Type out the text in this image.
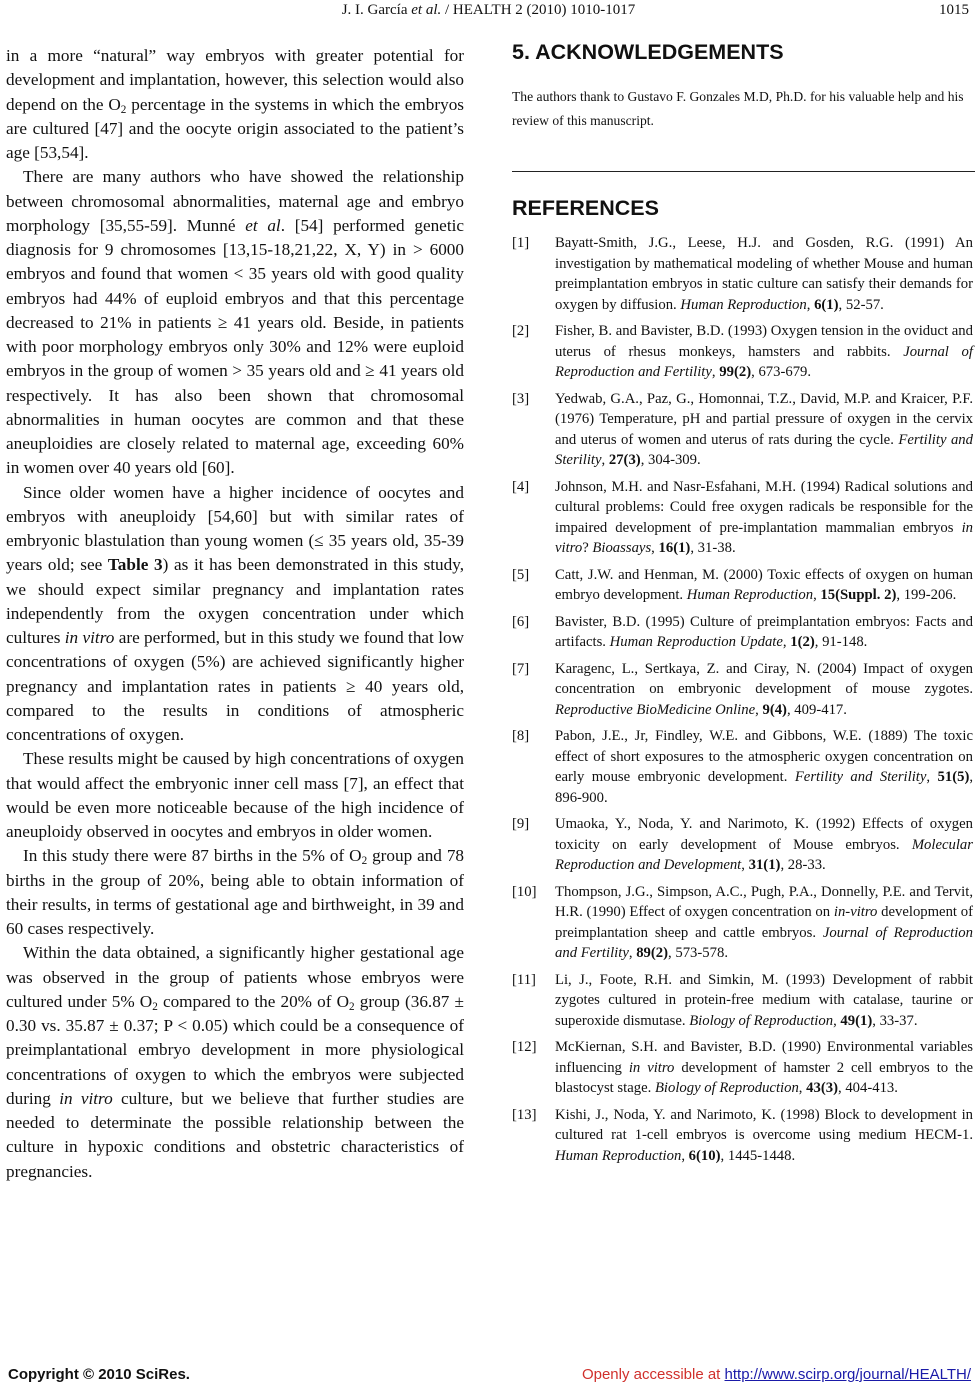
J. I. García et al. / HEALTH 2 (2010) 1010-1017	1015

in a more “natural” way embryos with greater potential for development and implantation, however, this selection would also depend on the $O_2$ percentage in the systems in which the embryos are cultured [47] and the oocyte origin associated to the patient’s age [53,54].

There are many authors who have showed the relationship between chromosomal abnormalities, maternal age and embryo morphology [35,55-59]. Munné et al. [54] performed genetic diagnosis for 9 chromosomes [13,15-18,21,22, X, Y) in > 6000 embryos and found that women < 35 years old with good quality embryos had 44% of euploid embryos and that this percentage decreased to 21% in patients ≥ 41 years old. Beside, in patients with poor morphology embryos only 30% and 12% were euploid embryos in the group of women > 35 years old and ≥ 41 years old respectively. It has also been shown that chromosomal abnormalities in human oocytes are common and that these aneuploidies are closely related to maternal age, exceeding 60% in women over 40 years old [60].

Since older women have a higher incidence of oocytes and embryos with aneuploidy [54,60] but with similar rates of embryonic blastulation than young women (≤ 35 years old, 35-39 years old; see Table 3) as it has been demonstrated in this study, we should expect similar pregnancy and implantation rates independently from the oxygen concentration under which cultures in vitro are performed, but in this study we found that low concentrations of oxygen (5%) are achieved significantly higher pregnancy and implantation rates in patients ≥ 40 years old, compared to the results in conditions of atmospheric concentrations of oxygen.

These results might be caused by high concentrations of oxygen that would affect the embryonic inner cell mass [7], an effect that would be even more noticeable because of the high incidence of aneuploidy observed in oocytes and embryos in older women.

In this study there were 87 births in the 5% of $O_2$ group and 78 births in the group of 20%, being able to obtain information of their results, in terms of gestational age and birthweight, in 39 and 60 cases respectively.

Within the data obtained, a significantly higher gestational age was observed in the group of patients whose embryos were cultured under 5% $O_2$ compared to the 20% of $O_2$ group (36.87 ± 0.30 vs. 35.87 ± 0.37; P < 0.05) which could be a consequence of preimplantational embryo development in more physiological concentrations of oxygen to which the embryos were subjected during in vitro culture, but we believe that further studies are needed to determinate the possible relationship between the culture in hypoxic conditions and obstetric characteristics of pregnancies.

5. ACKNOWLEDGEMENTS

The authors thank to Gustavo F. Gonzales M.D, Ph.D. for his valuable help and his review of this manuscript.

REFERENCES
[1] Bayatt-Smith, J.G., Leese, H.J. and Gosden, R.G. (1991) An investigation by mathematical modeling of whether Mouse and human preimplantation embryos in static culture can satisfy their demands for oxygen by diffusion. Human Reproduction, 6(1), 52-57.
[2] Fisher, B. and Bavister, B.D. (1993) Oxygen tension in the oviduct and uterus of rhesus monkeys, hamsters and rabbits. Journal of Reproduction and Fertility, 99(2), 673-679.
[3] Yedwab, G.A., Paz, G., Homonnai, T.Z., David, M.P. and Kraicer, P.F. (1976) Temperature, pH and partial pressure of oxygen in the cervix and uterus of women and uterus of rats during the cycle. Fertility and Sterility, 27(3), 304-309.
[4] Johnson, M.H. and Nasr-Esfahani, M.H. (1994) Radical solutions and cultural problems: Could free oxygen radicals be responsible for the impaired development of pre-implantation mammalian embryos in vitro? Bioassays, 16(1), 31-38.
[5] Catt, J.W. and Henman, M. (2000) Toxic effects of oxygen on human embryo development. Human Reproduction, 15(Suppl. 2), 199-206.
[6] Bavister, B.D. (1995) Culture of preimplantation embryos: Facts and artifacts. Human Reproduction Update, 1(2), 91-148.
[7] Karagenc, L., Sertkaya, Z. and Ciray, N. (2004) Impact of oxygen concentration on embryonic development of mouse zygotes. Reproductive BioMedicine Online, 9(4), 409-417.
[8] Pabon, J.E., Jr, Findley, W.E. and Gibbons, W.E. (1889) The toxic effect of short exposures to the atmospheric oxygen concentration on early mouse embryonic development. Fertility and Sterility, 51(5), 896-900.
[9] Umaoka, Y., Noda, Y. and Narimoto, K. (1992) Effects of oxygen toxicity on early development of Mouse embryos. Molecular Reproduction and Development, 31(1), 28-33.
[10] Thompson, J.G., Simpson, A.C., Pugh, P.A., Donnelly, P.E. and Tervit, H.R. (1990) Effect of oxygen concentration on in-vitro development of preimplantation sheep and cattle embryos. Journal of Reproduction and Fertility, 89(2), 573-578.
[11] Li, J., Foote, R.H. and Simkin, M. (1993) Development of rabbit zygotes cultured in protein-free medium with catalase, taurine or superoxide dismutase. Biology of Reproduction, 49(1), 33-37.
[12] McKiernan, S.H. and Bavister, B.D. (1990) Environmental variables influencing in vitro development of hamster 2 cell embryos to the blastocyst stage. Biology of Reproduction, 43(3), 404-413.
[13] Kishi, J., Noda, Y. and Narimoto, K. (1998) Block to development in cultured rat 1-cell embryos is overcome using medium HECM-1. Human Reproduction, 6(10), 1445-1448.
Copyright © 2010 SciRes.	Openly accessible at http://www.scirp.org/journal/HEALTH/
